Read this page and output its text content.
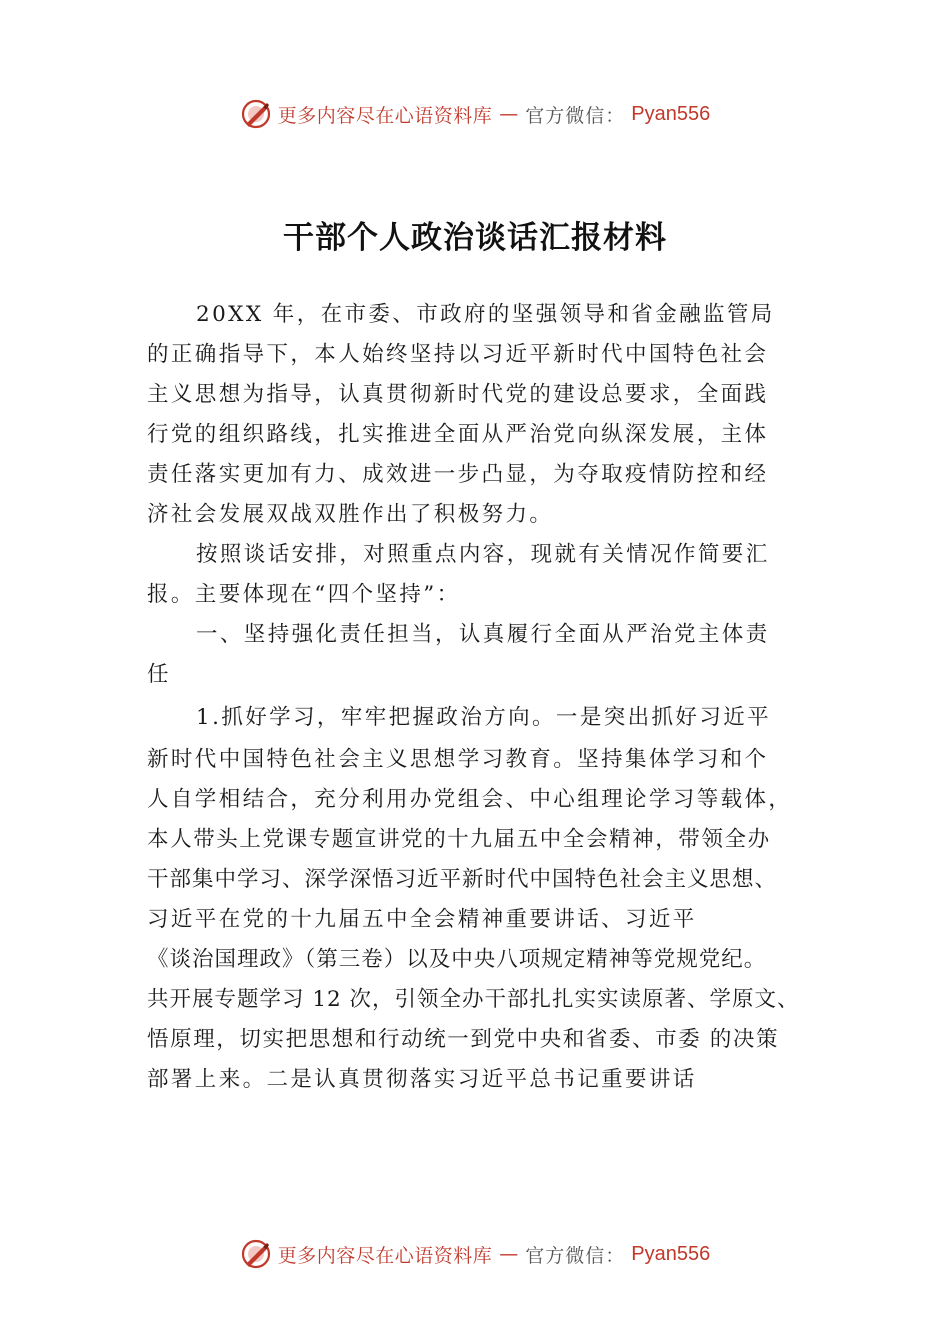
更多内容尽在心语资料库 — 官方微信： Pyan556
干部个人政治谈话汇报材料

20XX 年，在市委、市政府的坚强领导和省金融监管局

的正确指导下，本人始终坚持以习近平新时代中国特色社会

主义思想为指导，认真贯彻新时代党的建设总要求，全面践

行党的组织路线，扎实推进全面从严治党向纵深发展，主体

责任落实更加有力、成效进一步凸显，为夺取疫情防控和经

济社会发展双战双胜作出了积极努力。

按照谈话安排，对照重点内容，现就有关情况作简要汇

报。主要体现在“四个坚持”：

一、坚持强化责任担当，认真履行全面从严治党主体责

任

1.抓好学习，牢牢把握政治方向。一是突出抓好习近平

新时代中国特色社会主义思想学习教育。坚持集体学习和个

人自学相结合，充分利用办党组会、中心组理论学习等载体，

本人带头上党课专题宣讲党的十九届五中全会精神，带领全办

干部集中学习、深学深悟习近平新时代中国特色社会主义思想、

习近平在党的十九届五中全会精神重要讲话、习近平

《谈治国理政》（第三卷）以及中央八项规定精神等党规党纪。

共开展专题学习 12 次，引领全办干部扎扎实实读原著、学原文、

悟原理，切实把思想和行动统一到党中央和省委、市委 的决策

部署上来。二是认真贯彻落实习近平总书记重要讲话

更多内容尽在心语资料库 — 官方微信： Pyan556
